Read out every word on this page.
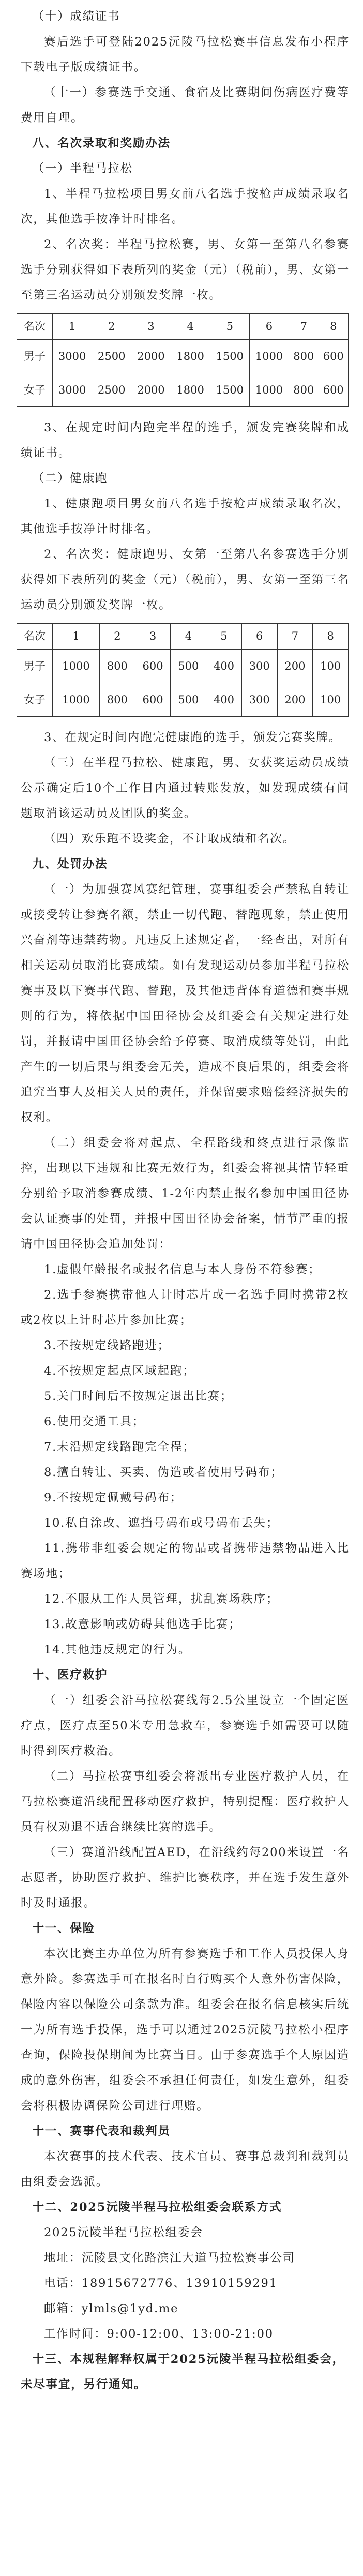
（十）成绩证书

赛后选手可登陆2025沅陵马拉松赛事信息发布小程序下载电子版成绩证书。

（十一）参赛选手交通、食宿及比赛期间伤病医疗费等费用自理。

八、名次录取和奖励办法

（一）半程马拉松

1、半程马拉松项目男女前八名选手按枪声成绩录取名次，其他选手按净计时排名。

2、名次奖：半程马拉松赛，男、女第一至第八名参赛选手分别获得如下表所列的奖金（元）（税前），男、女第一至第三名运动员分别颁发奖牌一枚。

名次	1	2	3	4	5	6	7	8
男子	3000	2500	2000	1800	1500	1000	800	600
女子	3000	2500	2000	1800	1500	1000	800	600

3、在规定时间内跑完半程的选手，颁发完赛奖牌和成绩证书。

（二）健康跑

1、健康跑项目男女前八名选手按枪声成绩录取名次，其他选手按净计时排名。

2、名次奖：健康跑男、女第一至第八名参赛选手分别获得如下表所列的奖金（元）（税前），男、女第一至第三名运动员分别颁发奖牌一枚。

名次	1	2	3	4	5	6	7	8
男子	1000	800	600	500	400	300	200	100
女子	1000	800	600	500	400	300	200	100

3、在规定时间内跑完健康跑的选手，颁发完赛奖牌。

（三）在半程马拉松、健康跑，男、女获奖运动员成绩公示确定后10个工作日内通过转账发放，如发现成绩有问题取消该运动员及团队的奖金。

（四）欢乐跑不设奖金，不计取成绩和名次。

九、处罚办法

（一）为加强赛风赛纪管理，赛事组委会严禁私自转让或接受转让参赛名额，禁止一切代跑、替跑现象，禁止使用兴奋剂等违禁药物。凡违反上述规定者，一经查出，对所有相关运动员取消比赛成绩。如有发现运动员参加半程马拉松赛事及以下赛事代跑、替跑，及其他违背体育道德和赛事规则的行为，将依据中国田径协会及组委会有关规定进行处罚，并报请中国田径协会给予停赛、取消成绩等处罚，由此产生的一切后果与组委会无关，造成不良后果的，组委会将追究当事人及相关人员的责任，并保留要求赔偿经济损失的权利。

（二）组委会将对起点、全程路线和终点进行录像监控，出现以下违规和比赛无效行为，组委会将视其情节轻重分别给予取消参赛成绩、1-2年内禁止报名参加中国田径协会认证赛事的处罚，并报中国田径协会备案，情节严重的报请中国田径协会追加处罚：

1.虚假年龄报名或报名信息与本人身份不符参赛；

2.选手参赛携带他人计时芯片或一名选手同时携带2枚或2枚以上计时芯片参加比赛；

3.不按规定线路跑进；

4.不按规定起点区域起跑；

5.关门时间后不按规定退出比赛；

6.使用交通工具；

7.未沿规定线路跑完全程；

8.擅自转让、买卖、伪造或者使用号码布；

9.不按规定佩戴号码布；

10.私自涂改、遮挡号码布或号码布丢失；

11.携带非组委会规定的物品或者携带违禁物品进入比赛场地；

12.不服从工作人员管理，扰乱赛场秩序；

13.故意影响或妨碍其他选手比赛；

14.其他违反规定的行为。

十、医疗救护

（一）组委会沿马拉松赛线每2.5公里设立一个固定医疗点，医疗点至50米专用急救车，参赛选手如需要可以随时得到医疗救治。

（二）马拉松赛事组委会将派出专业医疗救护人员，在马拉松赛道沿线配置移动医疗救护，特别提醒：医疗救护人员有权劝退不适合继续比赛的选手。

（三）赛道沿线配置AED，在沿线约每200米设置一名志愿者，协助医疗救护、维护比赛秩序，并在选手发生意外时及时通报。

十一、保险

本次比赛主办单位为所有参赛选手和工作人员投保人身意外险。参赛选手可在报名时自行购买个人意外伤害保险，保险内容以保险公司条款为准。组委会在报名信息核实后统一为所有选手投保，选手可以通过2025沅陵马拉松小程序查询，保险投保期间为比赛当日。由于参赛选手个人原因造成的意外伤害，组委会不承担任何责任，如发生意外，组委会将积极协调保险公司进行理赔。

十一、赛事代表和裁判员

本次赛事的技术代表、技术官员、赛事总裁判和裁判员由组委会选派。

十二、2025沅陵半程马拉松组委会联系方式

2025沅陵半程马拉松组委会

地址：沅陵县文化路滨江大道马拉松赛事公司

电话：18915672776、13910159291

邮箱：ylmls@1yd.me

工作时间：9:00-12:00、13:00-21:00

十三、本规程解释权属于2025沅陵半程马拉松组委会，未尽事宜，另行通知。
